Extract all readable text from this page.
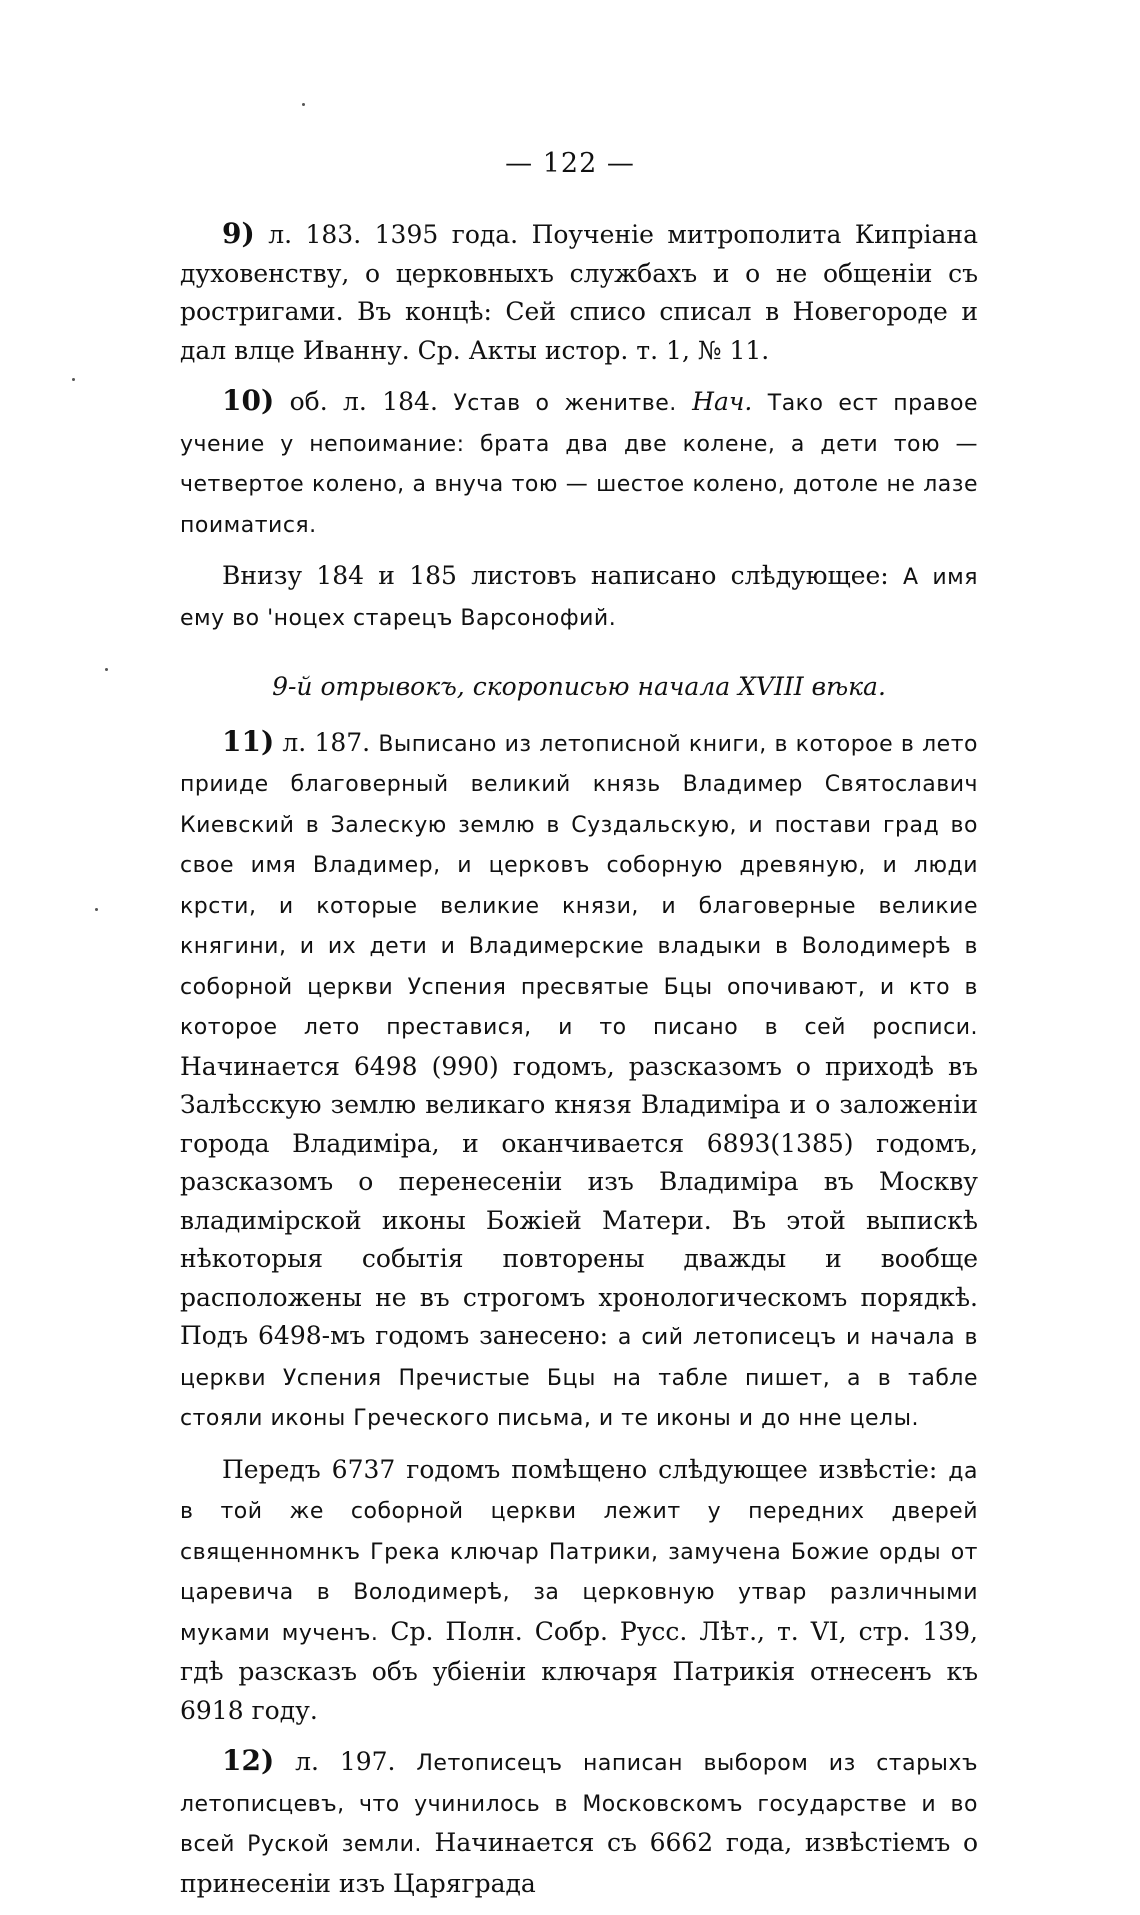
— 122 —

9) л. 183. 1395 года. Поученіе митрополита Кипріана духовенству, о церковныхъ службахъ и о не общеніи съ ростригами. Въ концѣ: Сей списо списал в Новегороде и дал влце Иванну. Ср. Акты истор. т. 1, № 11.

10) об. л. 184. Устав о женитве. Нач. Тако ест правое учение у непоимание: брата два две колене, а дети тою — четвертое колено, а внуча тою — шестое колено, дотоле не лазе поиматися.

Внизу 184 и 185 листовъ написано слѣдующее: А имя ему во 'ноцех старецъ Варсонофий.

9-й отрывокъ, скорописью начала XVIII вѣка.

11) л. 187. Выписано из летописной книги, в которое в лето прииде благоверный великий князь Владимер Святославич Киевский в Залескую землю в Суздальскую, и постави град во свое имя Владимер, и церковъ соборную древяную, и люди крсти, и которые великие князи, и благоверные великие княгини, и их дети и Владимерские владыки в Володимерѣ в соборной церкви Успения пресвятые Бцы опочивают, и кто в которое лето преставися, и то писано в сей росписи. Начинается 6498 (990) годомъ, разсказомъ о приходѣ въ Залѣсскую землю великаго князя Владиміра и о заложеніи города Владиміра, и оканчивается 6893(1385) годомъ, разсказомъ о перенесеніи изъ Владиміра въ Москву владимірской иконы Божіей Матери. Въ этой выпискѣ нѣкоторыя событія повторены дважды и вообще расположены не въ строгомъ хронологическомъ порядкѣ. Подъ 6498-мъ годомъ занесено: а сий летописецъ и начала в церкви Успения Пречистые Бцы на табле пишет, а в табле стояли иконы Греческого письма, и те иконы и до нне целы.

Передъ 6737 годомъ помѣщено слѣдующее извѣстіе: да в той же соборной церкви лежит у передних дверей священномнкъ Грека ключар Патрики, замучена Божие орды от царевича в Володимерѣ, за церковную утвар различными муками мученъ. Ср. Полн. Собр. Русс. Лѣт., т. VI, стр. 139, гдѣ разсказъ объ убіеніи ключаря Патрикія отнесенъ къ 6918 году.

12) л. 197. Летописецъ написан выбором из старыхъ летописцевъ, что учинилось в Московскомъ государстве и во всей Руской земли. Начинается съ 6662 года, извѣстіемъ о принесеніи изъ Царяграда
